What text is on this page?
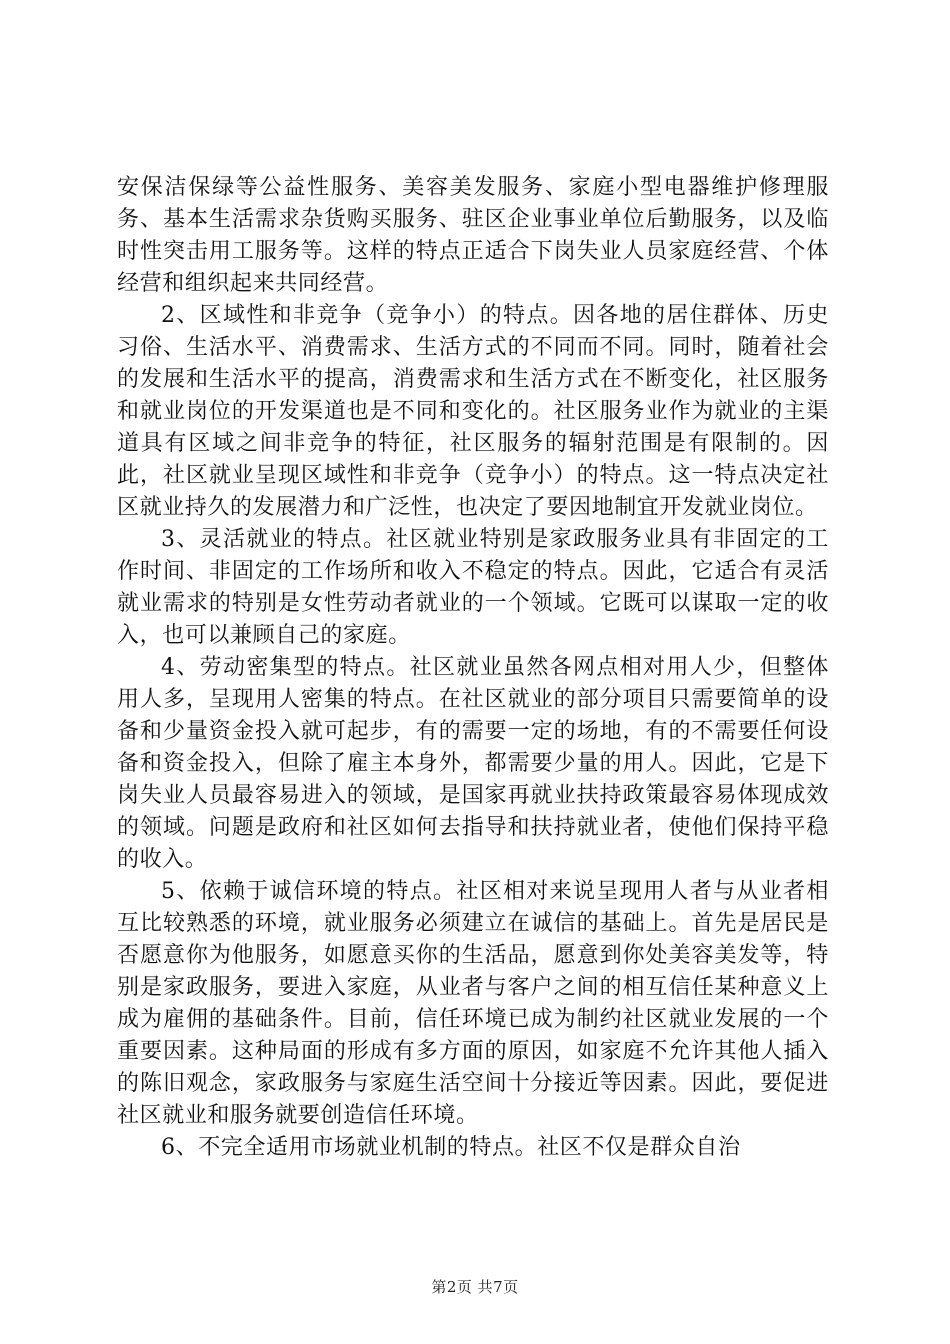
安保洁保绿等公益性服务、美容美发服务、家庭小型电器维护修理服务、基本生活需求杂货购买服务、驻区企业事业单位后勤服务，以及临时性突击用工服务等。这样的特点正适合下岗失业人员家庭经营、个体经营和组织起来共同经营。

2、区域性和非竞争（竞争小）的特点。因各地的居住群体、历史习俗、生活水平、消费需求、生活方式的不同而不同。同时，随着社会的发展和生活水平的提高，消费需求和生活方式在不断变化，社区服务和就业岗位的开发渠道也是不同和变化的。社区服务业作为就业的主渠道具有区域之间非竞争的特征，社区服务的辐射范围是有限制的。因此，社区就业呈现区域性和非竞争（竞争小）的特点。这一特点决定社区就业持久的发展潜力和广泛性，也决定了要因地制宜开发就业岗位。

3、灵活就业的特点。社区就业特别是家政服务业具有非固定的工作时间、非固定的工作场所和收入不稳定的特点。因此，它适合有灵活就业需求的特别是女性劳动者就业的一个领域。它既可以谋取一定的收入，也可以兼顾自己的家庭。

4、劳动密集型的特点。社区就业虽然各网点相对用人少，但整体用人多，呈现用人密集的特点。在社区就业的部分项目只需要简单的设备和少量资金投入就可起步，有的需要一定的场地，有的不需要任何设备和资金投入，但除了雇主本身外，都需要少量的用人。因此，它是下岗失业人员最容易进入的领域，是国家再就业扶持政策最容易体现成效的领域。问题是政府和社区如何去指导和扶持就业者，使他们保持平稳的收入。

5、依赖于诚信环境的特点。社区相对来说呈现用人者与从业者相互比较熟悉的环境，就业服务必须建立在诚信的基础上。首先是居民是否愿意你为他服务，如愿意买你的生活品，愿意到你处美容美发等，特别是家政服务，要进入家庭，从业者与客户之间的相互信任某种意义上成为雇佣的基础条件。目前，信任环境已成为制约社区就业发展的一个重要因素。这种局面的形成有多方面的原因，如家庭不允许其他人插入的陈旧观念，家政服务与家庭生活空间十分接近等因素。因此，要促进社区就业和服务就要创造信任环境。

6、不完全适用市场就业机制的特点。社区不仅是群众自治

第2页 共7页
